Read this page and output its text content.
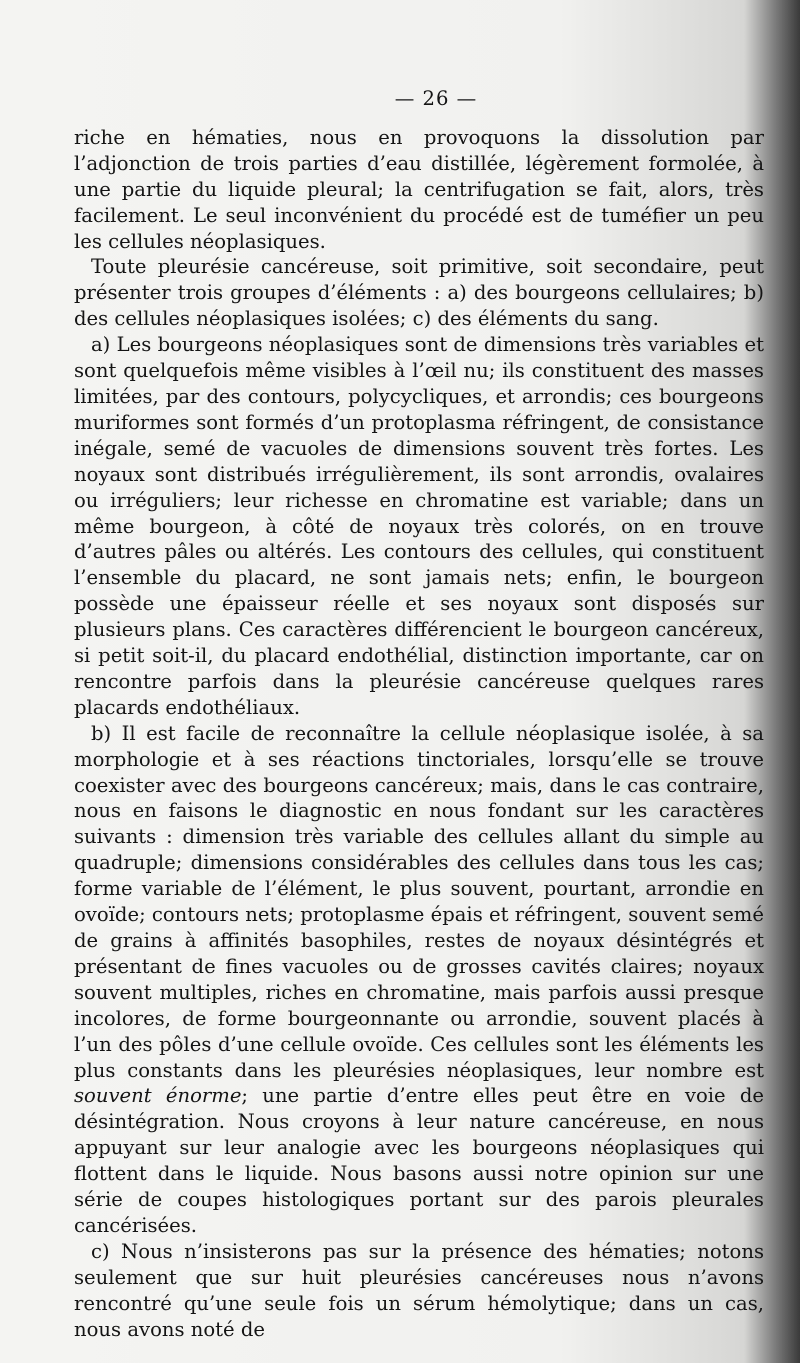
— 26 —

riche en hématies, nous en provoquons la dissolution par l’adjonction de trois parties d’eau distillée, légèrement formolée, à une partie du liquide pleural; la centrifugation se fait, alors, très facilement. Le seul inconvénient du procédé est de tuméfier un peu les cellules néoplasiques.

Toute pleurésie cancéreuse, soit primitive, soit secondaire, peut présenter trois groupes d’éléments : a) des bourgeons cellulaires; b) des cellules néoplasiques isolées; c) des éléments du sang.

a) Les bourgeons néoplasiques sont de dimensions très variables et sont quelquefois même visibles à l’œil nu; ils constituent des masses limitées, par des contours, polycycliques, et arrondis; ces bourgeons muriformes sont formés d’un protoplasma réfringent, de consistance inégale, semé de vacuoles de dimensions souvent très fortes. Les noyaux sont distribués irrégulièrement, ils sont arrondis, ovalaires ou irréguliers; leur richesse en chromatine est variable; dans un même bourgeon, à côté de noyaux très colorés, on en trouve d’autres pâles ou altérés. Les contours des cellules, qui constituent l’ensemble du placard, ne sont jamais nets; enfin, le bourgeon possède une épaisseur réelle et ses noyaux sont disposés sur plusieurs plans. Ces caractères différencient le bourgeon cancéreux, si petit soit-il, du placard endothélial, distinction importante, car on rencontre parfois dans la pleurésie cancéreuse quelques rares placards endothéliaux.

b) Il est facile de reconnaître la cellule néoplasique isolée, à sa morphologie et à ses réactions tinctoriales, lorsqu’elle se trouve coexister avec des bourgeons cancéreux; mais, dans le cas contraire, nous en faisons le diagnostic en nous fondant sur les caractères suivants : dimension très variable des cellules allant du simple au quadruple; dimensions considérables des cellules dans tous les cas; forme variable de l’élément, le plus souvent, pourtant, arrondie en ovoïde; contours nets; protoplasme épais et réfringent, souvent semé de grains à affinités basophiles, restes de noyaux désintégrés et présentant de fines vacuoles ou de grosses cavités claires; noyaux souvent multiples, riches en chromatine, mais parfois aussi presque incolores, de forme bourgeonnante ou arrondie, souvent placés à l’un des pôles d’une cellule ovoïde. Ces cellules sont les éléments les plus constants dans les pleurésies néoplasiques, leur nombre est souvent énorme; une partie d’entre elles peut être en voie de désintégration. Nous croyons à leur nature cancéreuse, en nous appuyant sur leur analogie avec les bourgeons néoplasiques qui flottent dans le liquide. Nous basons aussi notre opinion sur une série de coupes histologiques portant sur des parois pleurales cancérisées.

c) Nous n’insisterons pas sur la présence des hématies; notons seulement que sur huit pleurésies cancéreuses nous n’avons rencontré qu’une seule fois un sérum hémolytique; dans un cas, nous avons noté de
